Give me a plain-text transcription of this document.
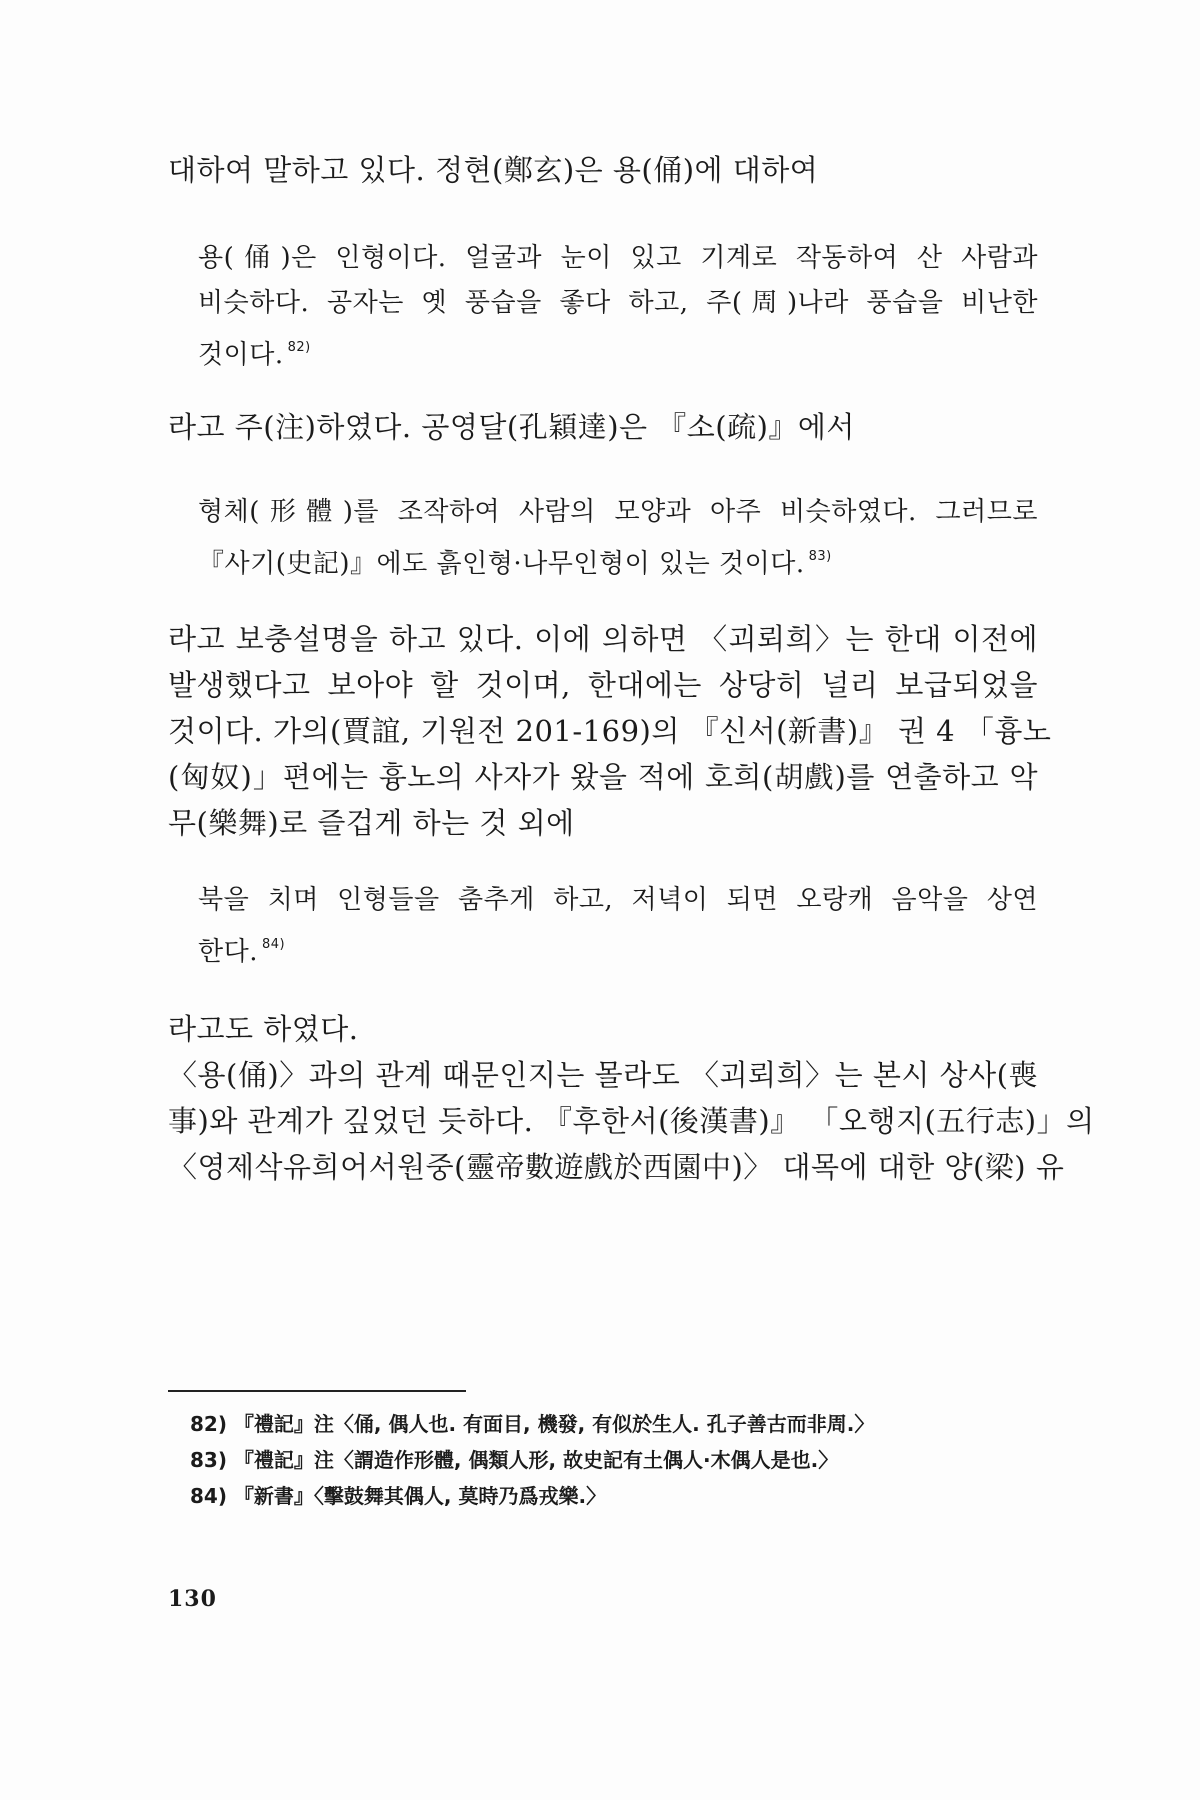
대하여 말하고 있다. 정현(鄭玄)은 용(俑)에 대하여
용(俑)은 인형이다. 얼굴과 눈이 있고 기계로 작동하여 산 사람과
비슷하다. 공자는 옛 풍습을 좋다 하고, 주(周)나라 풍습을 비난한
것이다. $^{82)}$
라고 주(注)하였다. 공영달(孔穎達)은 『소(疏)』에서
형체(形體)를 조작하여 사람의 모양과 아주 비슷하였다. 그러므로
『사기(史記)』에도 흙인형·나무인형이 있는 것이다. $^{83)}$
라고 보충설명을 하고 있다. 이에 의하면 〈괴뢰희〉는 한대 이전에
발생했다고 보아야 할 것이며, 한대에는 상당히 널리 보급되었을
것이다. 가의(賈誼, 기원전 201-169)의 『신서(新書)』 권 4 「흉노
(匈奴)」편에는 흉노의 사자가 왔을 적에 호희(胡戲)를 연출하고 악
무(樂舞)로 즐겁게 하는 것 외에
북을 치며 인형들을 춤추게 하고, 저녁이 되면 오랑캐 음악을 상연
한다. $^{84)}$
라고도 하였다.
〈용(俑)〉과의 관계 때문인지는 몰라도 〈괴뢰희〉는 본시 상사(喪
事)와 관계가 깊었던 듯하다. 『후한서(後漢書)』 「오행지(五行志)」의
〈영제삭유희어서원중(靈帝數遊戲於西園中)〉 대목에 대한 양(梁) 유
82) 『禮記』注〈俑, 偶人也. 有面目, 機發, 有似於生人. 孔子善古而非周.〉
83) 『禮記』注〈謂造作形體, 偶類人形, 故史記有土偶人·木偶人是也.〉
84) 『新書』〈擊鼓舞其偶人, 莫時乃爲戎樂.〉
130
